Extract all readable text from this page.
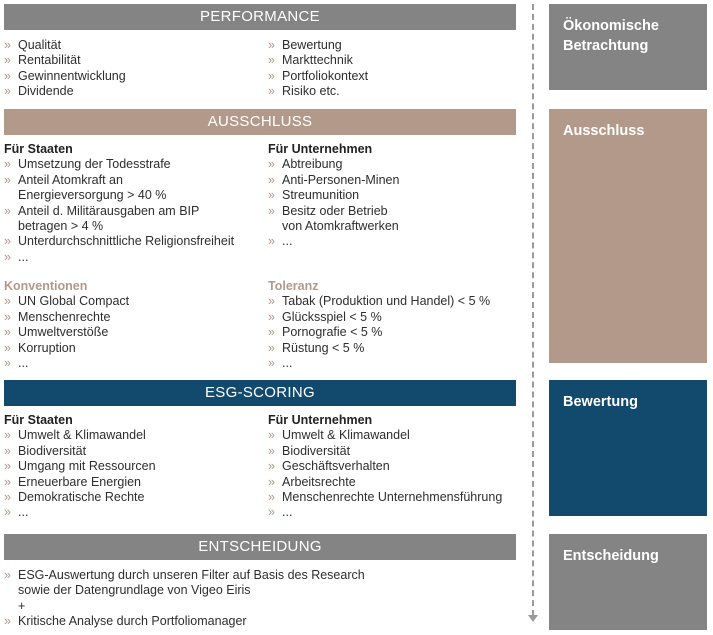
PERFORMANCE
» Qualität
» Rentabilität
» Gewinnentwicklung
» Dividende
» Bewertung
» Markttechnik
» Portfoliokontext
» Risiko etc.
AUSSCHLUSS
Für Staaten
» Umsetzung der Todesstrafe
» Anteil Atomkraft an
Energieversorgung > 40 %
» Anteil d. Militärausgaben am BIP
betragen > 4 %
» Unterdurchschnittliche Religionsfreiheit
» ...
Für Unternehmen
» Abtreibung
» Anti-Personen-Minen
» Streumunition
» Besitz oder Betrieb
von Atomkraftwerken
» ...
Konventionen
» UN Global Compact
» Menschenrechte
» Umweltverstöße
» Korruption
» ...
Toleranz
» Tabak (Produktion und Handel) < 5 %
» Glücksspiel < 5 %
» Pornografie < 5 %
» Rüstung < 5 %
» ...
ESG-SCORING
Für Staaten
» Umwelt & Klimawandel
» Biodiversität
» Umgang mit Ressourcen
» Erneuerbare Energien
» Demokratische Rechte
» ...
Für Unternehmen
» Umwelt & Klimawandel
» Biodiversität
» Geschäftsverhalten
» Arbeitsrechte
» Menschenrechte Unternehmensführung
» ...
ENTSCHEIDUNG
» ESG-Auswertung durch unseren Filter auf Basis des Research
sowie der Datengrundlage von Vigeo Eiris
+
» Kritische Analyse durch Portfoliomanager
Ökonomische
Betrachtung
Ausschluss
Bewertung
Entscheidung
